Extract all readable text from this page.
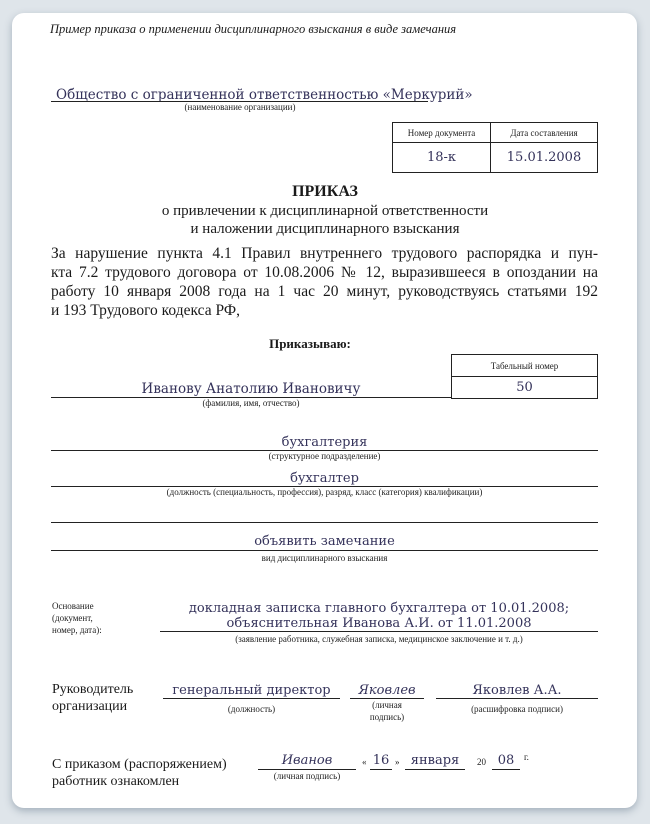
Пример приказа о применении дисциплинарного взыскания в виде замечания
Общество с ограниченной ответственностью «Меркурий»
(наименование организации)
Номер документа	Дата составления
18-к	15.01.2008
ПРИКАЗ
о привлечении к дисциплинарной ответственности
и наложении дисциплинарного взыскания
За нарушение пункта 4.1 Правил внутреннего трудового распорядка и пун-
кта 7.2 трудового договора от 10.08.2006 № 12, выразившееся в опоздании на
работу 10 января 2008 года на 1 час 20 минут, руководствуясь статьями 192
и 193 Трудового кодекса РФ,
Приказываю:
Табельный номер
50
Иванову Анатолию Ивановичу
(фамилия, имя, отчество)
бухгалтерия
(структурное подразделение)
бухгалтер
(должность (специальность, профессия), разряд, класс (категория) квалификации)
объявить замечание
вид дисциплинарного взыскания
Основание
(документ,
номер, дата):
докладная записка главного бухгалтера от 10.01.2008;
объяснительная Иванова А.И. от 11.01.2008
(заявление работника, служебная записка, медицинское заключение и т. д.)
Руководитель
организации
генеральный директор
(должность)
Яковлев
(личная
подпись)
Яковлев А.А.
(расшифровка подписи)
С приказом (распоряжением)
работник ознакомлен
Иванов
(личная подпись)
« 16 » января	20 08	г.
